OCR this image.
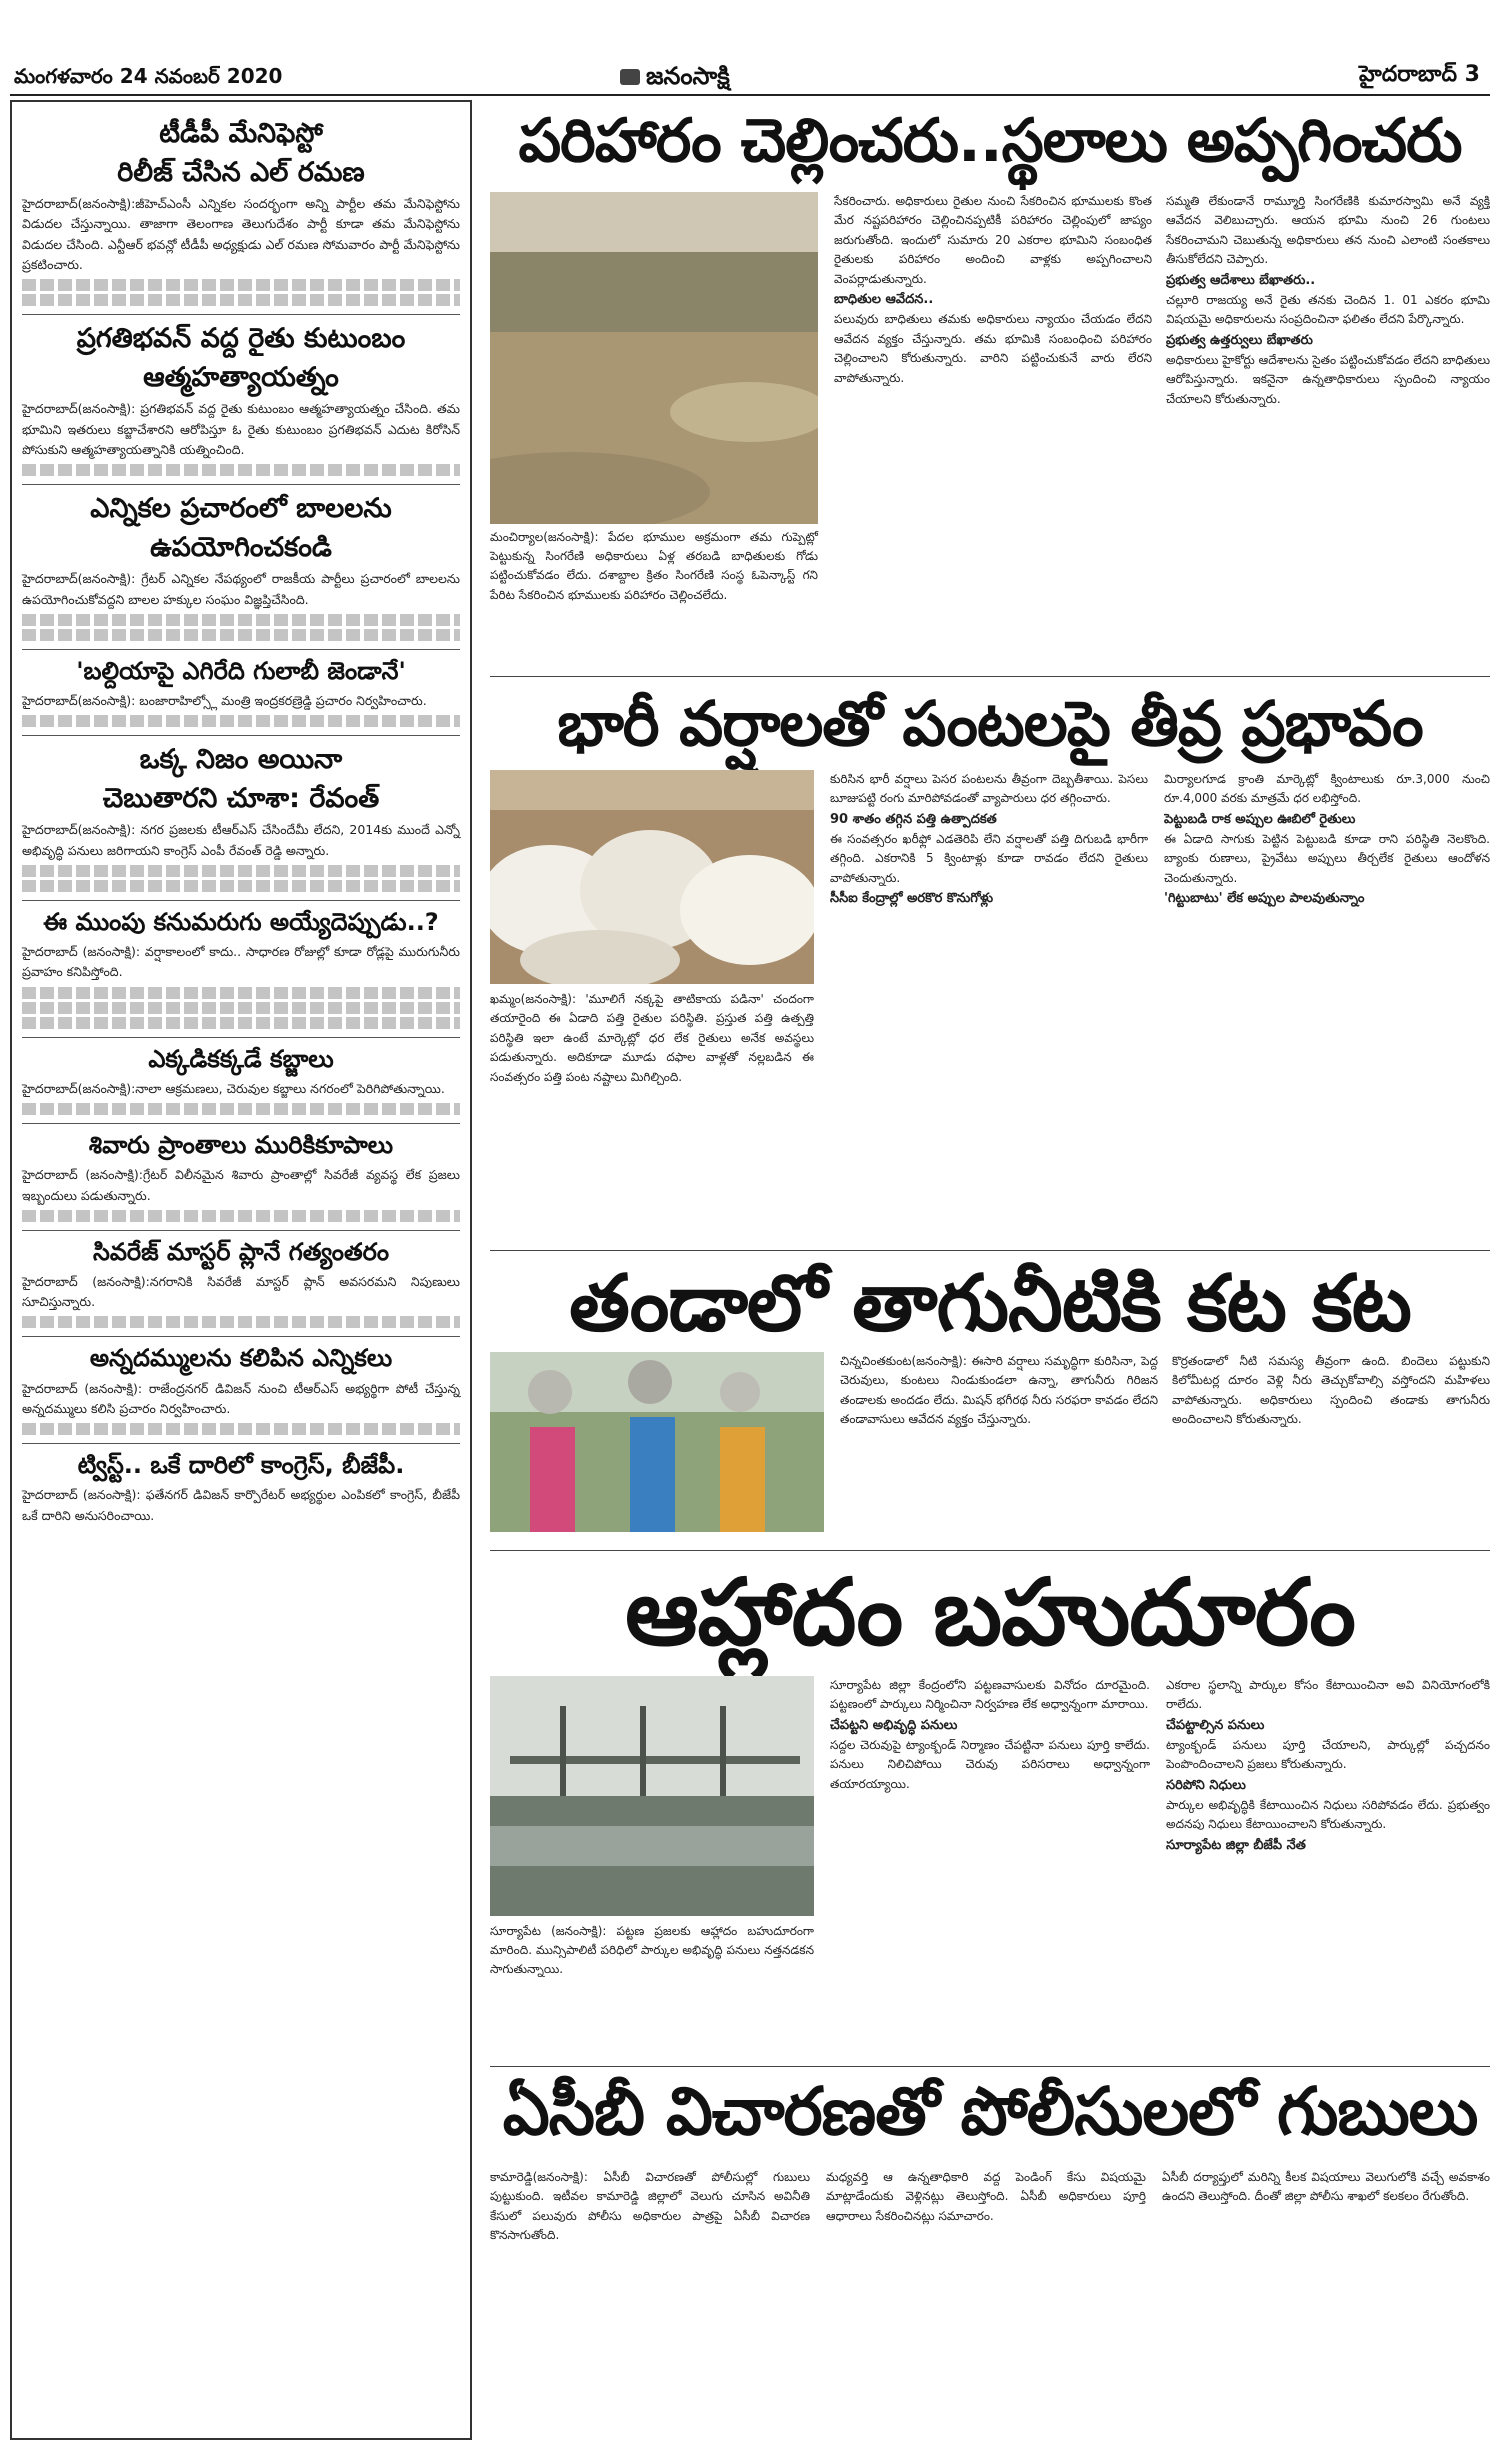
మంగళవారం 24 నవంబర్ 2020	జనంసాక్షి	హైదరాబాద్ 3
టీడీపీ మేనిఫెస్టో
రిలీజ్ చేసిన ఎల్ రమణ

హైదరాబాద్(జనంసాక్షి):జీహెచ్ఎంసీ ఎన్నికల సందర్భంగా అన్ని పార్టీల తమ మేనిఫెస్టోను విడుదల చేస్తున్నాయి. తాజాగా తెలంగాణ తెలుగుదేశం పార్టీ కూడా తమ మేనిఫెస్టోను విడుదల చేసింది. ఎన్టీఆర్ భవన్లో టీడీపీ అధ్యక్షుడు ఎల్ రమణ సోమవారం పార్టీ మేనిఫెస్టోను ప్రకటించారు.

ప్రగతిభవన్ వద్ద రైతు కుటుంబం
ఆత్మహత్యాయత్నం

హైదరాబాద్(జనంసాక్షి): ప్రగతిభవన్ వద్ద రైతు కుటుంబం ఆత్మహత్యాయత్నం చేసింది. తమ భూమిని ఇతరులు కబ్జాచేశారని ఆరోపిస్తూ ఓ రైతు కుటుంబం ప్రగతిభవన్ ఎదుట కిరోసిన్ పోసుకుని ఆత్మహత్యాయత్నానికి యత్నించింది.

ఎన్నికల ప్రచారంలో బాలలను
ఉపయోగించకండి

హైదరాబాద్(జనంసాక్షి): గ్రేటర్ ఎన్నికల నేపథ్యంలో రాజకీయ పార్టీలు ప్రచారంలో బాలలను ఉపయోగించుకోవద్దని బాలల హక్కుల సంఘం విజ్ఞప్తిచేసింది.

'బల్దియాపై ఎగిరేది గులాబీ జెండానే'

హైదరాబాద్(జనంసాక్షి): బంజారాహిల్స్లో మంత్రి ఇంద్రకరణ్రెడ్డి ప్రచారం నిర్వహించారు.

ఒక్క నిజం అయినా
చెబుతారని చూశా: రేవంత్

హైదరాబాద్(జనంసాక్షి): నగర ప్రజలకు టీఆర్ఎస్ చేసిందేమీ లేదని, 2014కు ముందే ఎన్నో అభివృద్ధి పనులు జరిగాయని కాంగ్రెస్ ఎంపీ రేవంత్ రెడ్డి అన్నారు.

ఈ ముంపు కనుమరుగు అయ్యేదెప్పుడు..?

హైదరాబాద్ (జనంసాక్షి): వర్షాకాలంలో కాదు.. సాధారణ రోజుల్లో కూడా రోడ్లపై మురుగునీరు ప్రవాహం కనిపిస్తోంది.

ఎక్కడికక్కడే కబ్జాలు

హైదరాబాద్(జనంసాక్షి):నాలా ఆక్రమణలు, చెరువుల కబ్జాలు నగరంలో పెరిగిపోతున్నాయి.

శివారు ప్రాంతాలు మురికికూపాలు

హైదరాబాద్ (జనంసాక్షి):గ్రేటర్ విలీనమైన శివారు ప్రాంతాల్లో సివరేజీ వ్యవస్థ లేక ప్రజలు ఇబ్బందులు పడుతున్నారు.

సివరేజ్ మాస్టర్ ప్లానే గత్యంతరం

హైదరాబాద్ (జనంసాక్షి):నగరానికి సివరేజీ మాస్టర్ ప్లాన్ అవసరమని నిపుణులు సూచిస్తున్నారు.

అన్నదమ్ములను కలిపిన ఎన్నికలు

హైదరాబాద్ (జనంసాక్షి): రాజేంద్రనగర్ డివిజన్ నుంచి టీఆర్ఎస్ అభ్యర్థిగా పోటీ చేస్తున్న అన్నదమ్ములు కలిసి ప్రచారం నిర్వహించారు.

ట్విస్ట్.. ఒకే దారిలో కాంగ్రెస్, బీజేపీ.

హైదరాబాద్ (జనంసాక్షి): ఫతేనగర్ డివిజన్ కార్పొరేటర్ అభ్యర్థుల ఎంపికలో కాంగ్రెస్, బీజేపీ ఒకే దారిని అనుసరించాయి.

పరిహారం చెల్లించరు..స్థలాలు అప్పగించరు
మంచిర్యాల(జనంసాక్షి): పేదల భూముల అక్రమంగా తమ గుప్పెట్లో పెట్టుకున్న సింగరేణి అధికారులు ఏళ్ల తరబడి బాధితులకు గోడు పట్టించుకోవడం లేదు. దశాబ్దాల క్రితం సింగరేణి సంస్థ ఓపెన్కాస్ట్ గని పేరిట సేకరించిన భూములకు పరిహారం చెల్లించలేదు.
సేకరించారు. అధికారులు రైతుల నుంచి సేకరించిన భూములకు కొంత మేర నష్టపరిహారం చెల్లించినప్పటికీ పరిహారం చెల్లింపులో జాప్యం జరుగుతోంది. ఇందులో సుమారు 20 ఎకరాల భూమిని సంబంధిత రైతులకు పరిహారం అందించి వాళ్లకు అప్పగించాలని వెంపర్లాడుతున్నారు.
బాధితుల ఆవేదన..
పలువురు బాధితులు తమకు అధికారులు న్యాయం చేయడం లేదని ఆవేదన వ్యక్తం చేస్తున్నారు. తమ భూమికి సంబంధించి పరిహారం చెల్లించాలని కోరుతున్నారు. వారిని పట్టించుకునే వారు లేరని వాపోతున్నారు.
సమ్మతి లేకుండానే రామ్మూర్తి సింగరేణికి కుమారస్వామి అనే వ్యక్తి ఆవేదన వెలిబుచ్చారు. ఆయన భూమి నుంచి 26 గుంటలు సేకరించామని చెబుతున్న అధికారులు తన నుంచి ఎలాంటి సంతకాలు తీసుకోలేదని చెప్పారు.
ప్రభుత్వ ఆదేశాలు బేఖాతరు..
చల్లూరి రాజయ్య అనే రైతు తనకు చెందిన 1. 01 ఎకరం భూమి విషయమై అధికారులను సంప్రదించినా ఫలితం లేదని పేర్కొన్నారు.
ప్రభుత్వ ఉత్తర్వులు బేఖాతరు
అధికారులు హైకోర్టు ఆదేశాలను సైతం పట్టించుకోవడం లేదని బాధితులు ఆరోపిస్తున్నారు. ఇకనైనా ఉన్నతాధికారులు స్పందించి న్యాయం చేయాలని కోరుతున్నారు.
భారీ వర్షాలతో పంటలపై తీవ్ర ప్రభావం
ఖమ్మం(జనంసాక్షి): 'మూలిగే నక్కపై తాటికాయ పడినా' చందంగా తయారైంది ఈ ఏడాది పత్తి రైతుల పరిస్థితి. ప్రస్తుత పత్తి ఉత్పత్తి పరిస్థితి ఇలా ఉంటే మార్కెట్లో ధర లేక రైతులు అనేక అవస్థలు పడుతున్నారు. అదికూడా మూడు దఫాల వాళ్లతో నల్లబడిన ఈ సంవత్సరం పత్తి పంట నష్టాలు మిగిల్చింది.
కురిసిన భారీ వర్షాలు పెసర పంటలను తీవ్రంగా దెబ్బతీశాయి. పెసలు బూజుపట్టి రంగు మారిపోవడంతో వ్యాపారులు ధర తగ్గించారు.
90 శాతం తగ్గిన పత్తి ఉత్పాదకత
ఈ సంవత్సరం ఖరీఫ్లో ఎడతెరిపి లేని వర్షాలతో పత్తి దిగుబడి భారీగా తగ్గింది. ఎకరానికి 5 క్వింటాళ్లు కూడా రావడం లేదని రైతులు వాపోతున్నారు.
సీసీఐ కేంద్రాల్లో అరకొర కొనుగోళ్లు
మిర్యాలగూడ క్రాంతి మార్కెట్లో క్వింటాలుకు రూ.3,000 నుంచి రూ.4,000 వరకు మాత్రమే ధర లభిస్తోంది.
పెట్టుబడి రాక అప్పుల ఊబిలో రైతులు
ఈ ఏడాది సాగుకు పెట్టిన పెట్టుబడి కూడా రాని పరిస్థితి నెలకొంది. బ్యాంకు రుణాలు, ప్రైవేటు అప్పులు తీర్చలేక రైతులు ఆందోళన చెందుతున్నారు.
'గిట్టుబాటు' లేక అప్పుల పాలవుతున్నాం
తండాలో తాగునీటికి కట కట
చిన్నచింతకుంట(జనంసాక్షి): ఈసారి వర్షాలు సమృద్ధిగా కురిసినా, పెద్ద చెరువులు, కుంటలు నిండుకుండలా ఉన్నా, తాగునీరు గిరిజన తండాలకు అందడం లేదు. మిషన్ భగీరథ నీరు సరఫరా కావడం లేదని తండావాసులు ఆవేదన వ్యక్తం చేస్తున్నారు.
కొర్రతండాలో నీటి సమస్య తీవ్రంగా ఉంది. బిందెలు పట్టుకుని కిలోమీటర్ల దూరం వెళ్లి నీరు తెచ్చుకోవాల్సి వస్తోందని మహిళలు వాపోతున్నారు. అధికారులు స్పందించి తండాకు తాగునీరు అందించాలని కోరుతున్నారు.
ఆహ్లాదం బహుదూరం
సూర్యాపేట (జనంసాక్షి): పట్టణ ప్రజలకు ఆహ్లాదం బహుదూరంగా మారింది. మున్సిపాలిటీ పరిధిలో పార్కుల అభివృద్ధి పనులు నత్తనడకన సాగుతున్నాయి.
సూర్యాపేట జిల్లా కేంద్రంలోని పట్టణవాసులకు వినోదం దూరమైంది. పట్టణంలో పార్కులు నిర్మించినా నిర్వహణ లేక అధ్వాన్నంగా మారాయి.
చేపట్టని అభివృద్ధి పనులు
సద్దల చెరువుపై ట్యాంక్బండ్ నిర్మాణం చేపట్టినా పనులు పూర్తి కాలేదు. పనులు నిలిచిపోయి చెరువు పరిసరాలు అధ్వాన్నంగా తయారయ్యాయి.
ఎకరాల స్థలాన్ని పార్కుల కోసం కేటాయించినా అవి వినియోగంలోకి రాలేదు.
చేపట్టాల్సిన పనులు
ట్యాంక్బండ్ పనులు పూర్తి చేయాలని, పార్కుల్లో పచ్చదనం పెంపొందించాలని ప్రజలు కోరుతున్నారు.
సరిపోని నిధులు
పార్కుల అభివృద్ధికి కేటాయించిన నిధులు సరిపోవడం లేదు. ప్రభుత్వం అదనపు నిధులు కేటాయించాలని కోరుతున్నారు.
సూర్యాపేట జిల్లా బీజేపీ నేత
ఏసీబీ విచారణతో పోలీసులలో గుబులు
కామారెడ్డి(జనంసాక్షి): ఏసీబీ విచారణతో పోలీసుల్లో గుబులు పుట్టుకుంది. ఇటీవల కామారెడ్డి జిల్లాలో వెలుగు చూసిన అవినీతి కేసులో పలువురు పోలీసు అధికారుల పాత్రపై ఏసీబీ విచారణ కొనసాగుతోంది.
మధ్యవర్తి ఆ ఉన్నతాధికారి వద్ద పెండింగ్ కేసు విషయమై మాట్లాడేందుకు వెళ్లినట్లు తెలుస్తోంది. ఏసీబీ అధికారులు పూర్తి ఆధారాలు సేకరించినట్లు సమాచారం.
ఏసీబీ దర్యాప్తులో మరిన్ని కీలక విషయాలు వెలుగులోకి వచ్చే అవకాశం ఉందని తెలుస్తోంది. దీంతో జిల్లా పోలీసు శాఖలో కలకలం రేగుతోంది.
